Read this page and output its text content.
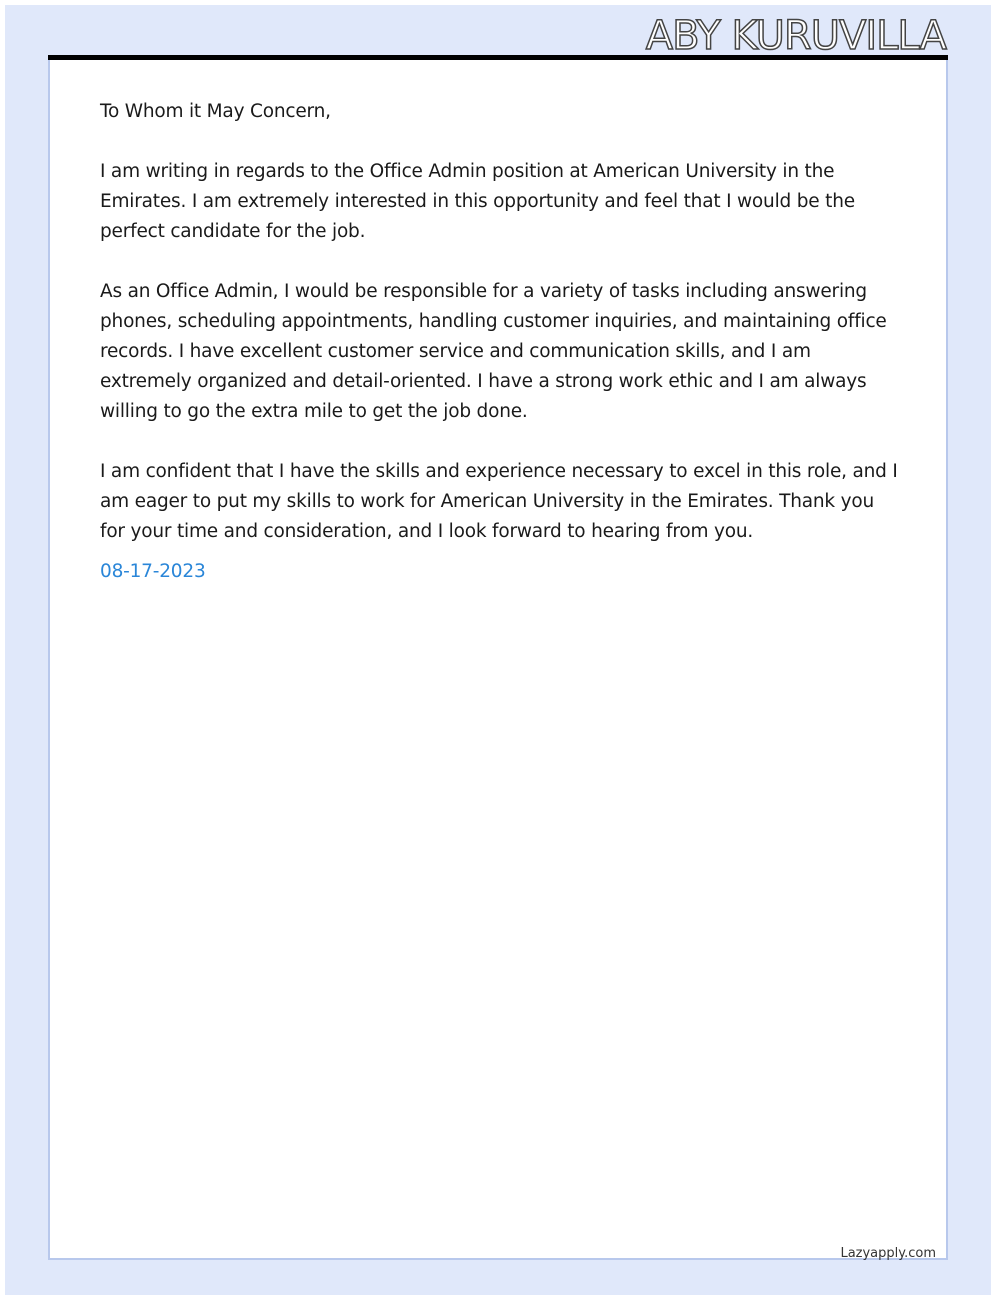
ABY KURUVILLA

To Whom it May Concern,

I am writing in regards to the Office Admin position at American University in the Emirates. I am extremely interested in this opportunity and feel that I would be the perfect candidate for the job.

As an Office Admin, I would be responsible for a variety of tasks including answering phones, scheduling appointments, handling customer inquiries, and maintaining office records. I have excellent customer service and communication skills, and I am extremely organized and detail-oriented. I have a strong work ethic and I am always willing to go the extra mile to get the job done.

I am confident that I have the skills and experience necessary to excel in this role, and I am eager to put my skills to work for American University in the Emirates. Thank you for your time and consideration, and I look forward to hearing from you.

08-17-2023

Lazyapply.com
